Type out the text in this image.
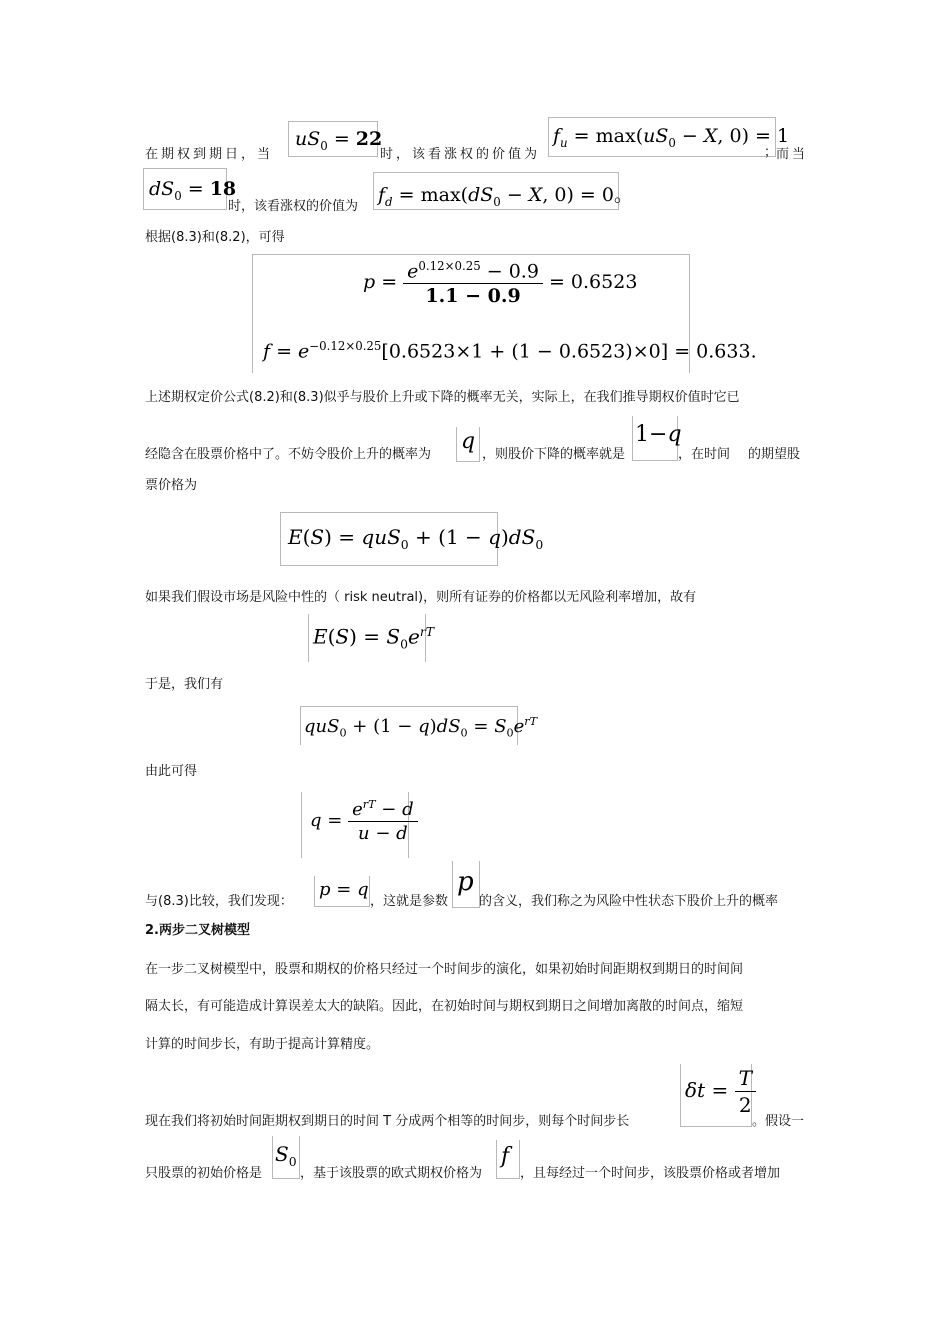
在期权到期日，当
$uS_0 = 22$
时，该看涨权的价值为
$f_u = \max(uS_0 - X$, 0) = 1
；
而当
$dS_0 = 18$
时，该看涨权的价值为
$f_d = \max(dS_0 - X$, 0) = 0。
根据(8.3)和(8.2)，可得
$p = \frac{e^{0.12\times 0.25} - 0.9}{1.1 - 0.9} = 0.6523$
$f = e^{-0.12\times 0.25}[0.6523\times 1 + (1 - 0.6523)\times 0] = 0.633$.
上述期权定价公式(8.2)和(8.3)似乎与股价上升或下降的概率无关，实际上，在我们推导期权价值时它已
经隐含在股票价格中了。不妨令股价上升的概率为
q
，则股价下降的概率就是
1−q
，在时间 的期望股
票价格为
$E(S) = quS_0 + (1 - q)dS_0$
如果我们假设市场是风险中性的（ risk neutral)，则所有证券的价格都以无风险利率增加，故有
$E(S) = S_0e^{rT}$
于是，我们有
$quS_0 + (1 - q)dS_0 = S_0e^{rT}$
由此可得
$q = \frac{e^{rT} - d}{u - d}$
与(8.3)比较，我们发现：
p = q
，这就是参数
p
的含义，我们称之为风险中性状态下股价上升的概率
2.两步二叉树模型
在一步二叉树模型中，股票和期权的价格只经过一个时间步的演化，如果初始时间距期权到期日的时间间
隔太长，有可能造成计算误差太大的缺陷。因此，在初始时间与期权到期日之间增加离散的时间点，缩短
计算的时间步长，有助于提高计算精度。
现在我们将初始时间距期权到期日的时间 T 分成两个相等的时间步，则每个时间步长
$\delta t = \frac{T}{2}$
。假设一
只股票的初始价格是
$S_0$
，基于该股票的欧式期权价格为
f
，且每经过一个时间步，该股票价格或者增加
